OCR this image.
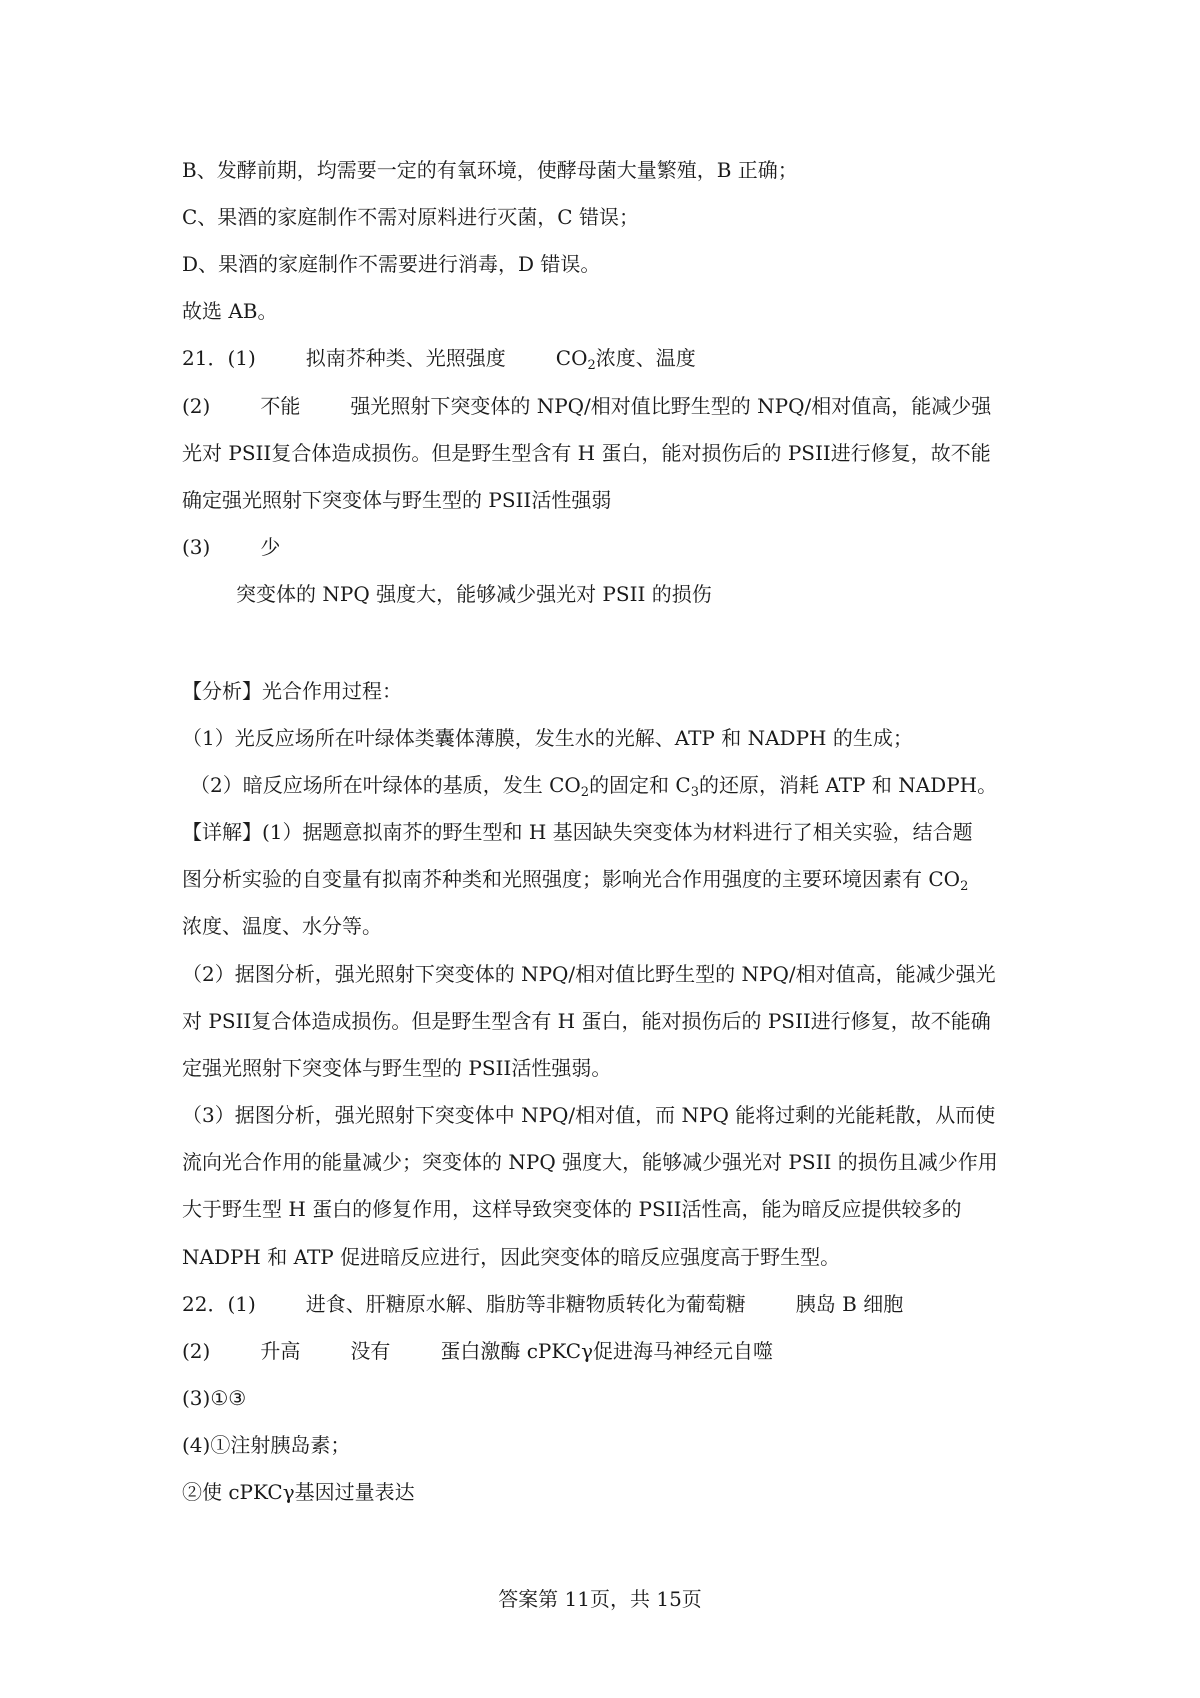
B、发酵前期，均需要一定的有氧环境，使酵母菌大量繁殖，B 正确；
C、果酒的家庭制作不需对原料进行灭菌，C 错误；
D、果酒的家庭制作不需要进行消毒，D 错误。
故选 AB。
21．(1)	拟南芥种类、光照强度	$CO_2$浓度、温度
(2)	不能	强光照射下突变体的 NPQ/相对值比野生型的 NPQ/相对值高，能减少强
光对 PSII复合体造成损伤。但是野生型含有 H 蛋白，能对损伤后的 PSII进行修复，故不能
确定强光照射下突变体与野生型的 PSII活性强弱
(3)	少
突变体的 NPQ 强度大，能够减少强光对 PSII 的损伤
【分析】光合作用过程：
（1）光反应场所在叶绿体类囊体薄膜，发生水的光解、ATP 和 NADPH 的生成；
（2）暗反应场所在叶绿体的基质，发生 $CO_2$的固定和 $C_3$的还原，消耗 ATP 和 NADPH。
【详解】(1）据题意拟南芥的野生型和 H 基因缺失突变体为材料进行了相关实验，结合题
图分析实验的自变量有拟南芥种类和光照强度；影响光合作用强度的主要环境因素有 $CO_2$
浓度、温度、水分等。
（2）据图分析，强光照射下突变体的 NPQ/相对值比野生型的 NPQ/相对值高，能减少强光
对 PSII复合体造成损伤。但是野生型含有 H 蛋白，能对损伤后的 PSII进行修复，故不能确
定强光照射下突变体与野生型的 PSII活性强弱。
（3）据图分析，强光照射下突变体中 NPQ/相对值，而 NPQ 能将过剩的光能耗散，从而使
流向光合作用的能量减少；突变体的 NPQ 强度大，能够减少强光对 PSII 的损伤且减少作用
大于野生型 H 蛋白的修复作用，这样导致突变体的 PSII活性高，能为暗反应提供较多的
NADPH 和 ATP 促进暗反应进行，因此突变体的暗反应强度高于野生型。
22．(1)	进食、肝糖原水解、脂肪等非糖物质转化为葡萄糖	胰岛 B 细胞
(2)	升高	没有	蛋白激酶 cPKCγ促进海马神经元自噬
(3)①③
(4)①注射胰岛素；
②使 cPKCγ基因过量表达
答案第 11页，共 15页
